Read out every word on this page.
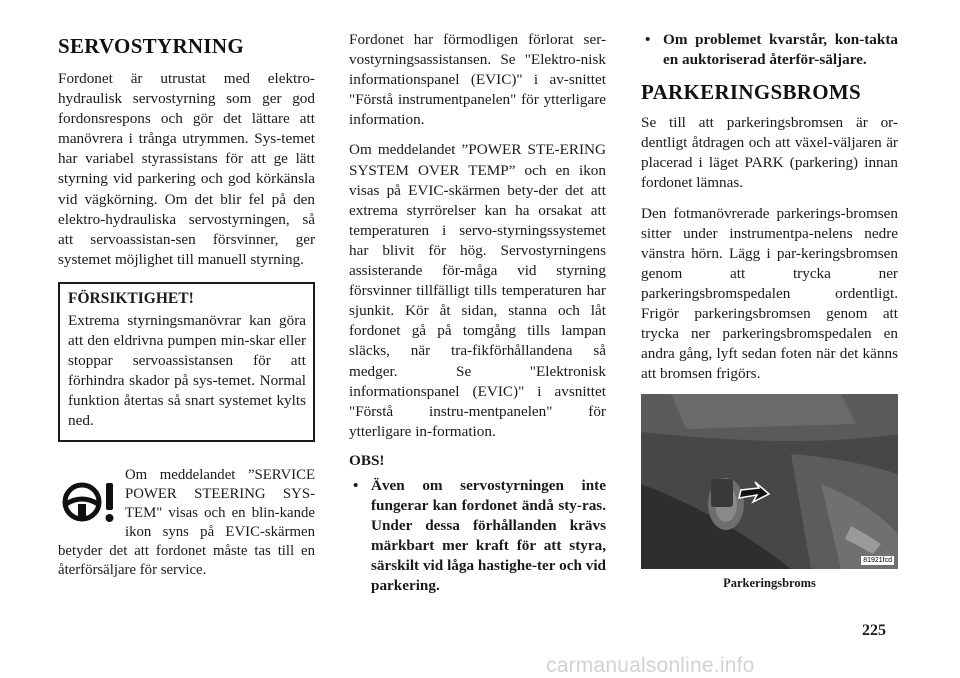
SERVOSTYRNING

Fordonet är utrustat med elektro-hydraulisk servostyrning som ger god fordonsrespons och gör det lättare att manövrera i trånga utrymmen. Sys-temet har variabel styrassistans för att ge lätt styrning vid parkering och god körkänsla vid vägkörning. Om det blir fel på den elektro-hydrauliska servostyrningen, så att servoassistan-sen försvinner, ger systemet möjlighet till manuell styrning.

FÖRSIKTIGHET!

Extrema styrningsmanövrar kan göra att den eldrivna pumpen min-skar eller stoppar servoassistansen för att förhindra skador på sys-temet. Normal funktion återtas så snart systemet kylts ned.

Om meddelandet ”SERVICE POWER STEERING SYS-TEM" visas och en blin-kande ikon syns på EVIC-skärmen betyder det att fordonet måste tas till en återförsäljare för service.

Fordonet har förmodligen förlorat ser-vostyrningsassistansen. Se "Elektro-nisk informationspanel (EVIC)" i av-snittet "Förstå instrumentpanelen" för ytterligare information.

Om meddelandet ”POWER STE-ERING SYSTEM OVER TEMP” och en ikon visas på EVIC-skärmen bety-der det att extrema styrrörelser kan ha orsakat att temperaturen i servo-styrningssystemet har blivit för hög. Servostyrningens assisterande för-måga vid styrning försvinner tillfälligt tills temperaturen har sjunkit. Kör åt sidan, stanna och låt fordonet gå på tomgång tills lampan släcks, när tra-fikförhållandena så medger. Se "Elektronisk informationspanel (EVIC)" i avsnittet "Förstå instru-mentpanelen" för ytterligare in-formation.

OBS!
• Även om servostyrningen inte fungerar kan fordonet ändå sty-ras. Under dessa förhållanden krävs märkbart mer kraft för att styra, särskilt vid låga hastighe-ter och vid parkering.
• Om problemet kvarstår, kon-takta en auktoriserad återför-säljare.
PARKERINGSBROMS

Se till att parkeringsbromsen är or-dentligt åtdragen och att växel-väljaren är placerad i läget PARK (parkering) innan fordonet lämnas.

Den fotmanövrerade parkerings-bromsen sitter under instrumentpa-nelens nedre vänstra hörn. Lägg i par-keringsbromsen genom att trycka ner parkeringsbromspedalen ordentligt. Frigör parkeringsbromsen genom att trycka ner parkeringsbromspedalen en andra gång, lyft sedan foten när det känns att bromsen frigörs.

81921fcd
Parkeringsbroms
225
carmanualsonline.info
